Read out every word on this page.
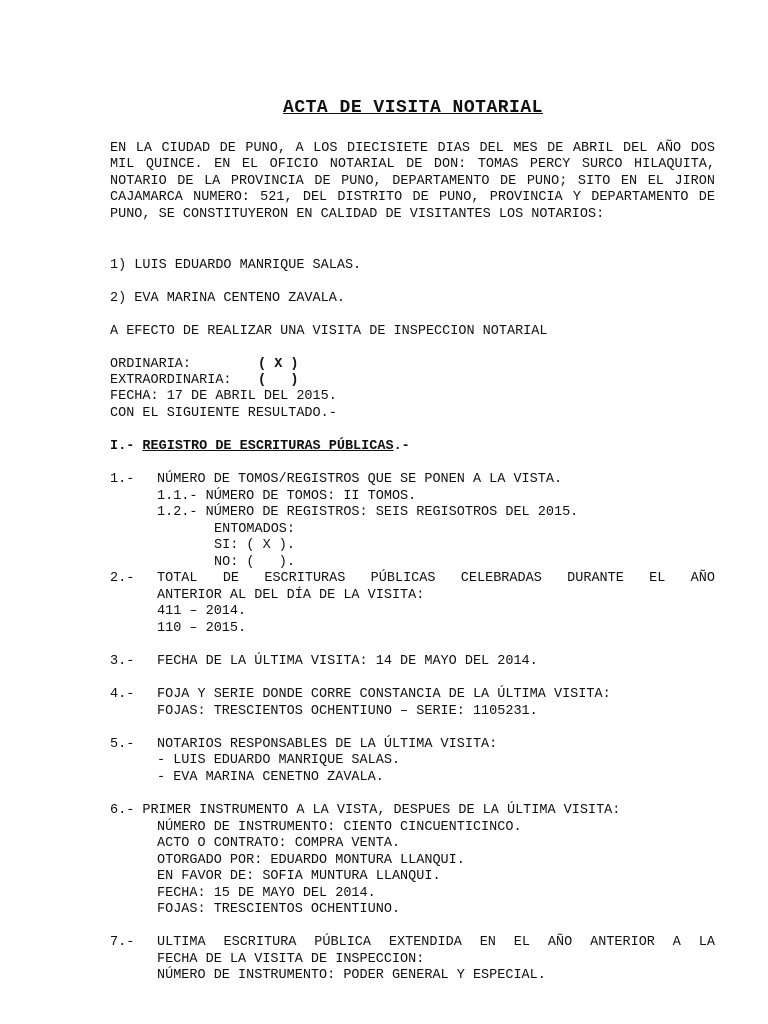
ACTA DE VISITA NOTARIAL
EN LA CIUDAD DE PUNO, A LOS DIECISIETE DIAS DEL MES DE ABRIL DEL AÑO DOS MIL QUINCE. EN EL OFICIO NOTARIAL DE DON: TOMAS PERCY SURCO HILAQUITA, NOTARIO DE LA PROVINCIA DE PUNO, DEPARTAMENTO DE PUNO; SITO EN EL JIRON CAJAMARCA NUMERO: 521, DEL DISTRITO DE PUNO, PROVINCIA Y DEPARTAMENTO DE PUNO, SE CONSTITUYERON EN CALIDAD DE VISITANTES LOS NOTARIOS:
1) LUIS EDUARDO MANRIQUE SALAS.
2) EVA MARINA CENTENO ZAVALA.
A EFECTO DE REALIZAR UNA VISITA DE INSPECCION NOTARIAL
ORDINARIA:	( X )
EXTRAORDINARIA: (   )
FECHA: 17 DE ABRIL DEL 2015.
CON EL SIGUIENTE RESULTADO.-
I.- REGISTRO DE ESCRITURAS PÚBLICAS.-
1.- NÚMERO DE TOMOS/REGISTROS QUE SE PONEN A LA VISTA.
1.1.- NÚMERO DE TOMOS: II TOMOS.
1.2.- NÚMERO DE REGISTROS: SEIS REGISOTROS DEL 2015.
ENTOMADOS:
SI: ( X ).
NO: (   ).
2.- TOTAL DE ESCRITURAS PÚBLICAS CELEBRADAS DURANTE EL AÑO
ANTERIOR AL DEL DÍA DE LA VISITA:
411 – 2014.
110 – 2015.
3.- FECHA DE LA ÚLTIMA VISITA: 14 DE MAYO DEL 2014.
4.- FOJA Y SERIE DONDE CORRE CONSTANCIA DE LA ÚLTIMA VISITA:
FOJAS: TRESCIENTOS OCHENTIUNO – SERIE: 1105231.
5.- NOTARIOS RESPONSABLES DE LA ÚLTIMA VISITA:
- LUIS EDUARDO MANRIQUE SALAS.
- EVA MARINA CENETNO ZAVALA.
6.- PRIMER INSTRUMENTO A LA VISTA, DESPUES DE LA ÚLTIMA VISITA:
NÚMERO DE INSTRUMENTO: CIENTO CINCUENTICINCO.
ACTO O CONTRATO: COMPRA VENTA.
OTORGADO POR: EDUARDO MONTURA LLANQUI.
EN FAVOR DE: SOFIA MUNTURA LLANQUI.
FECHA: 15 DE MAYO DEL 2014.
FOJAS: TRESCIENTOS OCHENTIUNO.
7.- ULTIMA ESCRITURA PÚBLICA EXTENDIDA EN EL AÑO ANTERIOR A LA
FECHA DE LA VISITA DE INSPECCION:
NÚMERO DE INSTRUMENTO: PODER GENERAL Y ESPECIAL.
